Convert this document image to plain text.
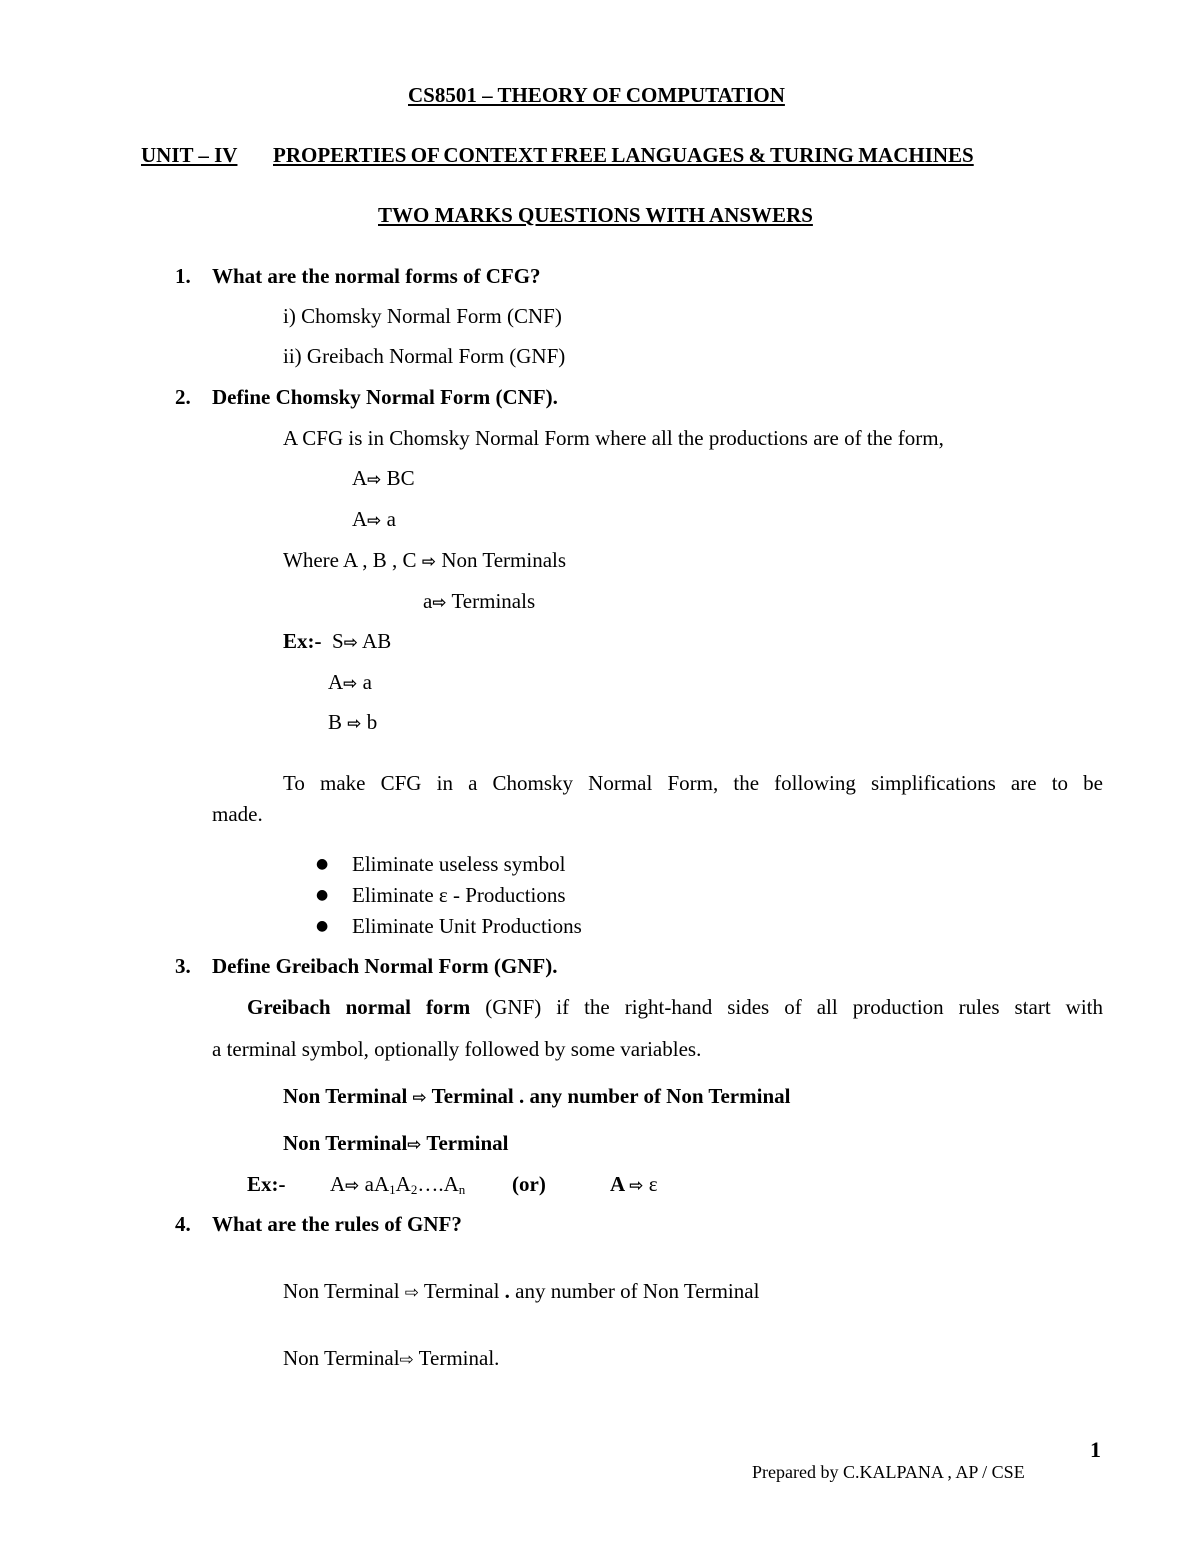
CS8501 – THEORY OF COMPUTATION
UNIT – IV PROPERTIES OF CONTEXT FREE LANGUAGES & TURING MACHINES
TWO MARKS QUESTIONS WITH ANSWERS
1. What are the normal forms of CFG?
i) Chomsky Normal Form (CNF)
ii) Greibach Normal Form (GNF)
2. Define Chomsky Normal Form (CNF).
A CFG is in Chomsky Normal Form where all the productions are of the form,
A⇨ BC
A⇨ a
Where A , B , C ⇨ Non Terminals
a⇨ Terminals
Ex:- S⇨ AB
A⇨ a
B ⇨ b
To make CFG in a Chomsky Normal Form, the following simplifications are to be
made.
● Eliminate useless symbol
● Eliminate ε - Productions
● Eliminate Unit Productions
3. Define Greibach Normal Form (GNF).
Greibach normal form (GNF) if the right-hand sides of all production rules start with
a terminal symbol, optionally followed by some variables.
Non Terminal ⇨ Terminal . any number of Non Terminal
Non Terminal⇨ Terminal
Ex:- A⇨ $aA_1A_2\dots.A_n$ (or)	A ⇨ ε
4. What are the rules of GNF?
Non Terminal ⇨ Terminal . any number of Non Terminal
Non Terminal⇨ Terminal.
1
Prepared by C.KALPANA , AP / CSE
